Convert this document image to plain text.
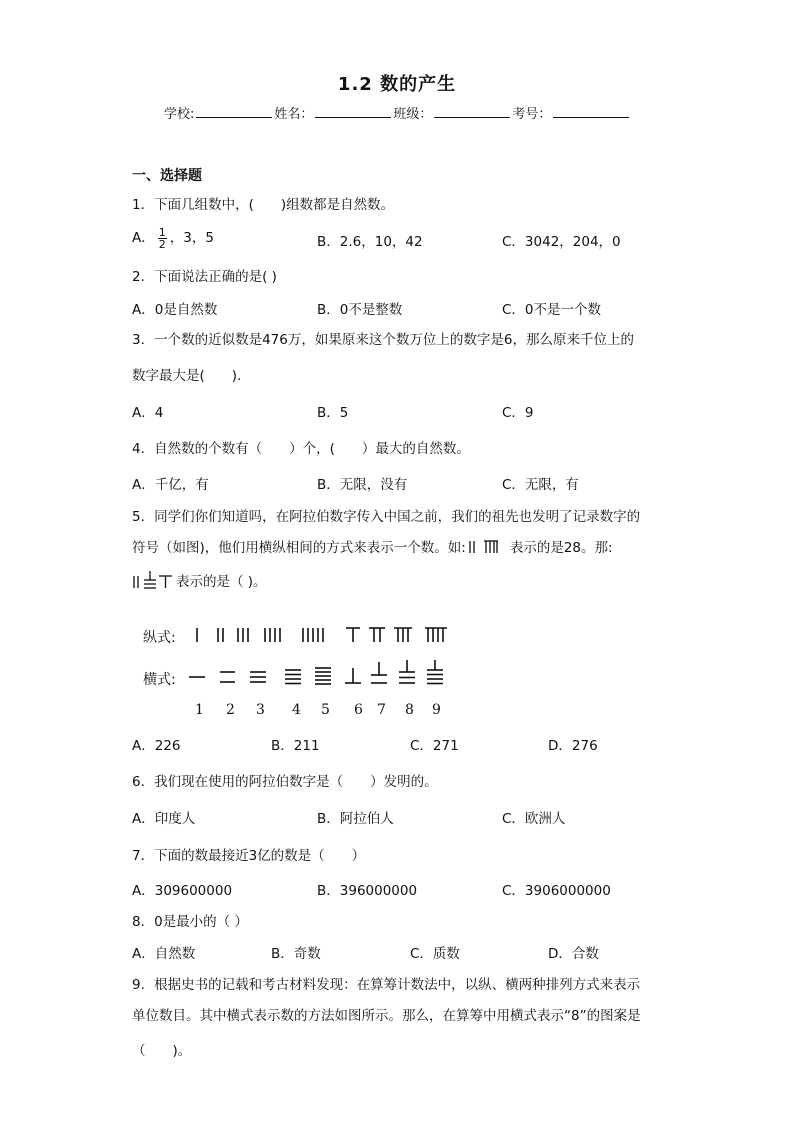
1.2 数的产生
学校:	姓名：	班级：	考号：
一、选择题
1．下面几组数中，(　　)组数都是自然数。
A． $\frac{1}{2}$ ，3，5	B．2.6，10，42	C．3042，204，0
2．下面说法正确的是( )
A．0是自然数	B．0不是整数	C．0不是一个数
3．一个数的近似数是476万，如果原来这个数万位上的数字是6，那么原来千位上的
数字最大是(　　).
A．4	B．5	C．9
4．自然数的个数有（　　）个，(　　）最大的自然数。
A．千亿，有	B．无限，没有	C．无限，有
5．同学们你们知道吗，在阿拉伯数字传入中国之前，我们的祖先也发明了记录数字的
符号（如图)，他们用横纵相间的方式来表示一个数。如:	表示的是28。那:
表示的是（ )。
纵式:
横式:
1 2 3 4 5 6 7 8 9
A．226	B．211	C．271	D．276
6．我们现在使用的阿拉伯数字是（　　）发明的。
A．印度人	B．阿拉伯人	C．欧洲人
7．下面的数最接近3亿的数是（　　）
A．309600000	B．396000000	C．3906000000
8．0是最小的（ ）
A．自然数	B．奇数	C．质数	D．合数
9．根据史书的记载和考古材料发现：在算筹计数法中，以纵、横两种排列方式来表示
单位数目。其中横式表示数的方法如图所示。那么，在算筹中用横式表示“8”的图案是
（　　)。
